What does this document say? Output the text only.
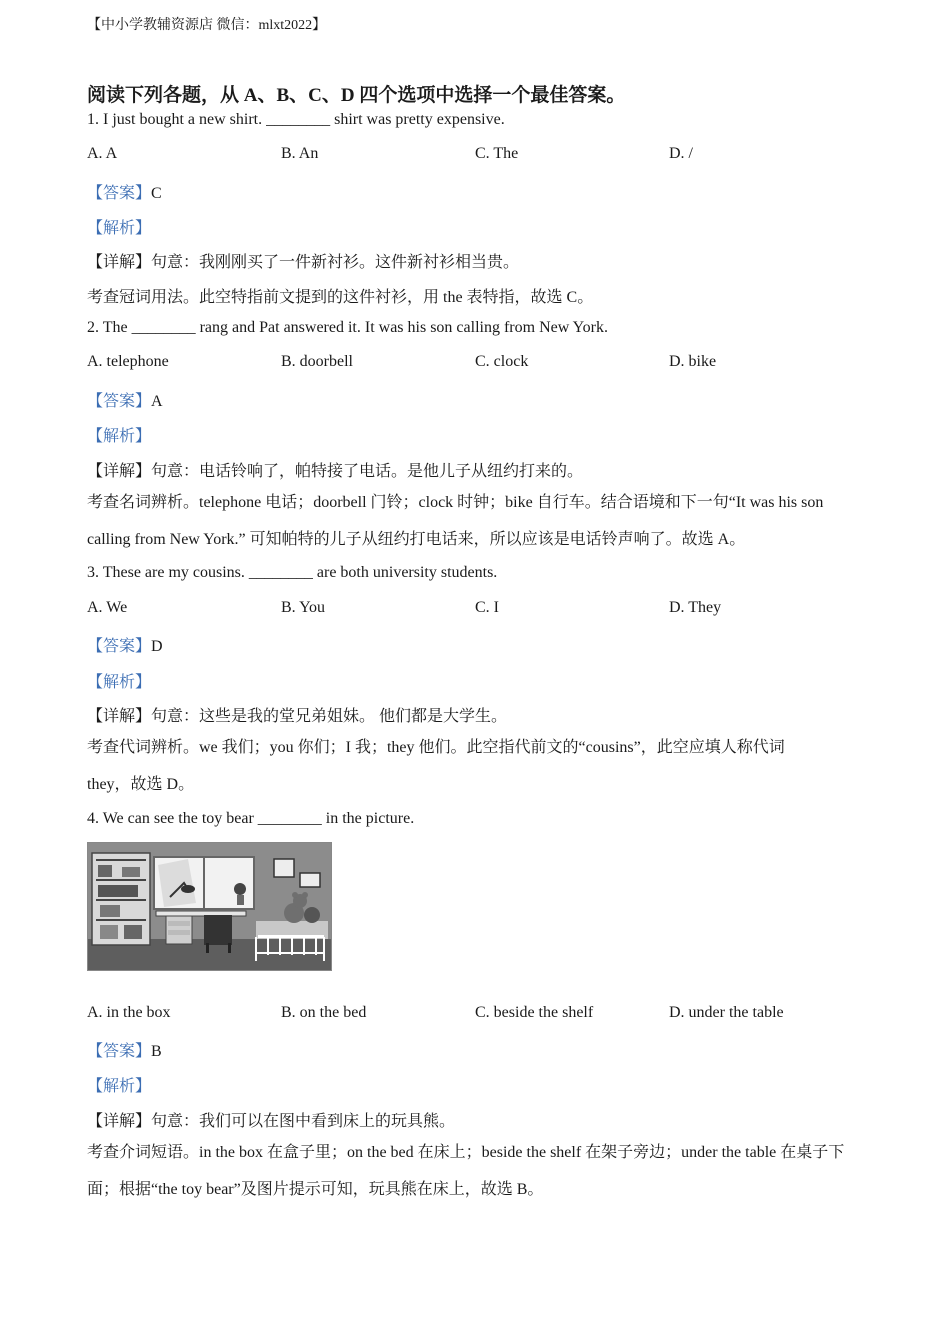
【中小学教辅资源店 微信：mlxt2022】
阅读下列各题，从 A、B、C、D 四个选项中选择一个最佳答案。
1. I just bought a new shirt. ________ shirt was pretty expensive.
A. A	B. An	C. The	D. /
【答案】C
【解析】
【详解】句意：我刚刚买了一件新衬衫。这件新衬衫相当贵。
考查冠词用法。此空特指前文提到的这件衬衫，用 the 表特指，故选 C。
2. The ________ rang and Pat answered it. It was his son calling from New York.
A. telephone	B. doorbell	C. clock	D. bike
【答案】A
【解析】
【详解】句意：电话铃响了，帕特接了电话。是他儿子从纽约打来的。
考查名词辨析。telephone 电话；doorbell 门铃；clock 时钟；bike 自行车。结合语境和下一句“It was his son calling from New York.” 可知帕特的儿子从纽约打电话来，所以应该是电话铃声响了。故选 A。
3. These are my cousins. ________ are both university students.
A. We	B. You	C. I	D. They
【答案】D
【解析】
【详解】句意：这些是我的堂兄弟姐妹。 他们都是大学生。
考查代词辨析。we 我们；you 你们；I 我；they 他们。此空指代前文的“cousins”，此空应填人称代词 they，故选 D。
4. We can see the toy bear ________ in the picture.
A. in the box	B. on the bed	C. beside the shelf	D. under the table
【答案】B
【解析】
【详解】句意：我们可以在图中看到床上的玩具熊。
考查介词短语。in the box 在盒子里；on the bed 在床上；beside the shelf 在架子旁边；under the table 在桌子下面；根据“the toy bear”及图片提示可知，玩具熊在床上，故选 B。
